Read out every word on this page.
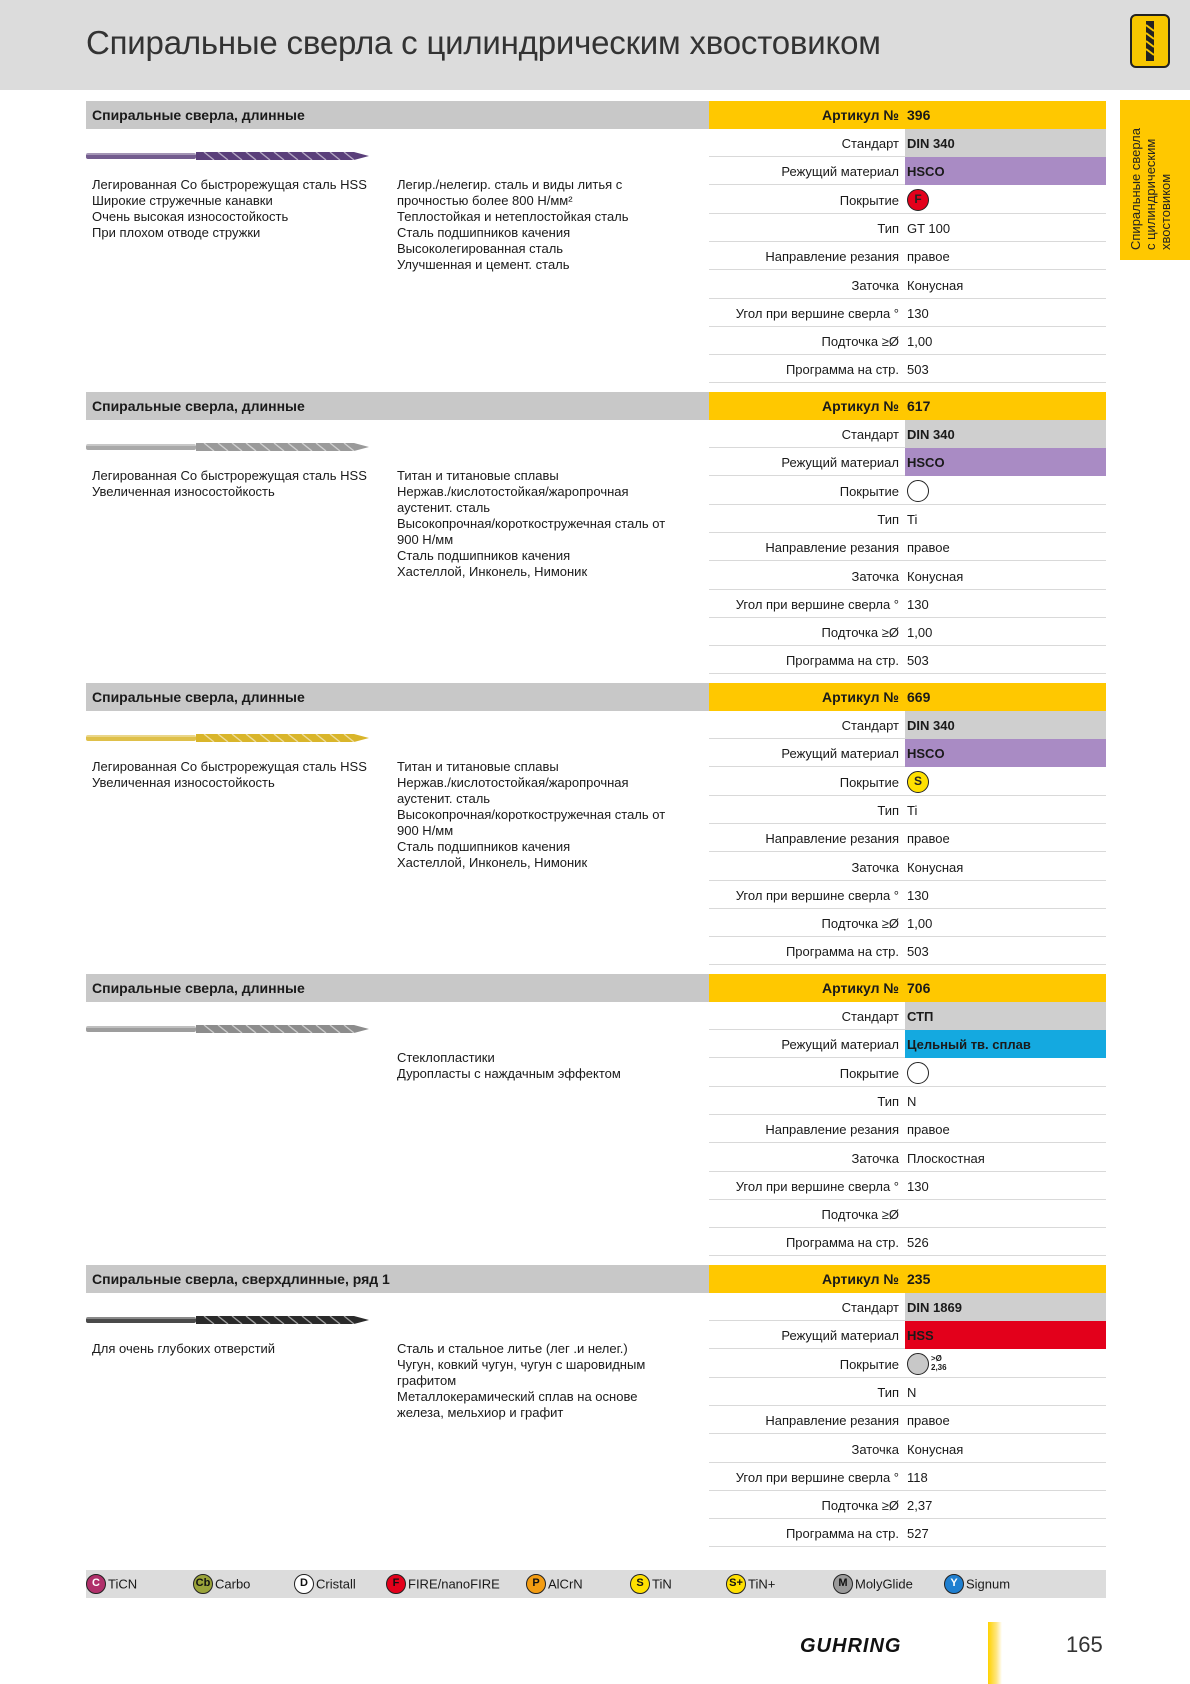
Спиральные сверла с цилиндрическим хвостовиком
Спиральные сверла с цилиндрическим хвостовиком
Спиральные сверла, длинные	Артикул № 396
Легированная Co быстрорежущая сталь HSS
Широкие стружечные канавки
Очень высокая износостойкость
При плохом отводе стружки
Легир./нелегир. сталь и виды литья с
прочностью более 800 Н/мм²
Теплостойкая и нетеплостойкая сталь
Сталь подшипников качения
Высоколегированная сталь
Улучшенная и цемент. сталь
Стандарт DIN 340
Режущий материал HSCO
Покрытие	F
Тип GT 100
Направление резания правое
Заточка Конусная
Угол при вершине сверла ° 130
Подточка ≥Ø 1,00
Программа на стр. 503
Спиральные сверла, длинные	Артикул № 617
Легированная Co быстрорежущая сталь HSS
Увеличенная износостойкость
Титан и титановые сплавы
Нержав./кислотостойкая/жаропрочная
аустенит. сталь
Высокопрочная/короткостружечная сталь от
900 Н/мм
Сталь подшипников качения
Хастеллой, Инконель, Нимоник
Стандарт DIN 340
Режущий материал HSCO
Покрытие
Тип Ti
Направление резания правое
Заточка Конусная
Угол при вершине сверла ° 130
Подточка ≥Ø 1,00
Программа на стр. 503
Спиральные сверла, длинные	Артикул № 669
Легированная Co быстрорежущая сталь HSS
Увеличенная износостойкость
Титан и титановые сплавы
Нержав./кислотостойкая/жаропрочная
аустенит. сталь
Высокопрочная/короткостружечная сталь от
900 Н/мм
Сталь подшипников качения
Хастеллой, Инконель, Нимоник
Стандарт DIN 340
Режущий материал HSCO
Покрытие	S
Тип Ti
Направление резания правое
Заточка Конусная
Угол при вершине сверла ° 130
Подточка ≥Ø 1,00
Программа на стр. 503
Спиральные сверла, длинные	Артикул № 706
Стеклопластики
Дуропласты с наждачным эффектом
Стандарт СТП
Режущий материал Цельный тв. сплав
Покрытие
Тип N
Направление резания правое
Заточка Плоскостная
Угол при вершине сверла ° 130
Подточка ≥Ø
Программа на стр. 526
Спиральные сверла, сверхдлинные, ряд 1	Артикул № 235
Для очень глубоких отверстий	Сталь и стальное литье (лег .и нелег.)
Чугун, ковкий чугун, чугун с шаровидным
графитом
Металлокерамический сплав на основе
железа, мельхиор и графит
Стандарт DIN 1869
Режущий материал HSS
Покрытие	>Ø
2,36
Тип N
Направление резания правое
Заточка Конусная
Угол при вершине сверла ° 118
Подточка ≥Ø 2,37
Программа на стр. 527
C TiCN	Cb Carbo	D Cristall	F FIRE/nanoFIRE	P AlCrN	S TiN	S+ TiN+	M MolyGlide	Y Signum
GUHRING	165
